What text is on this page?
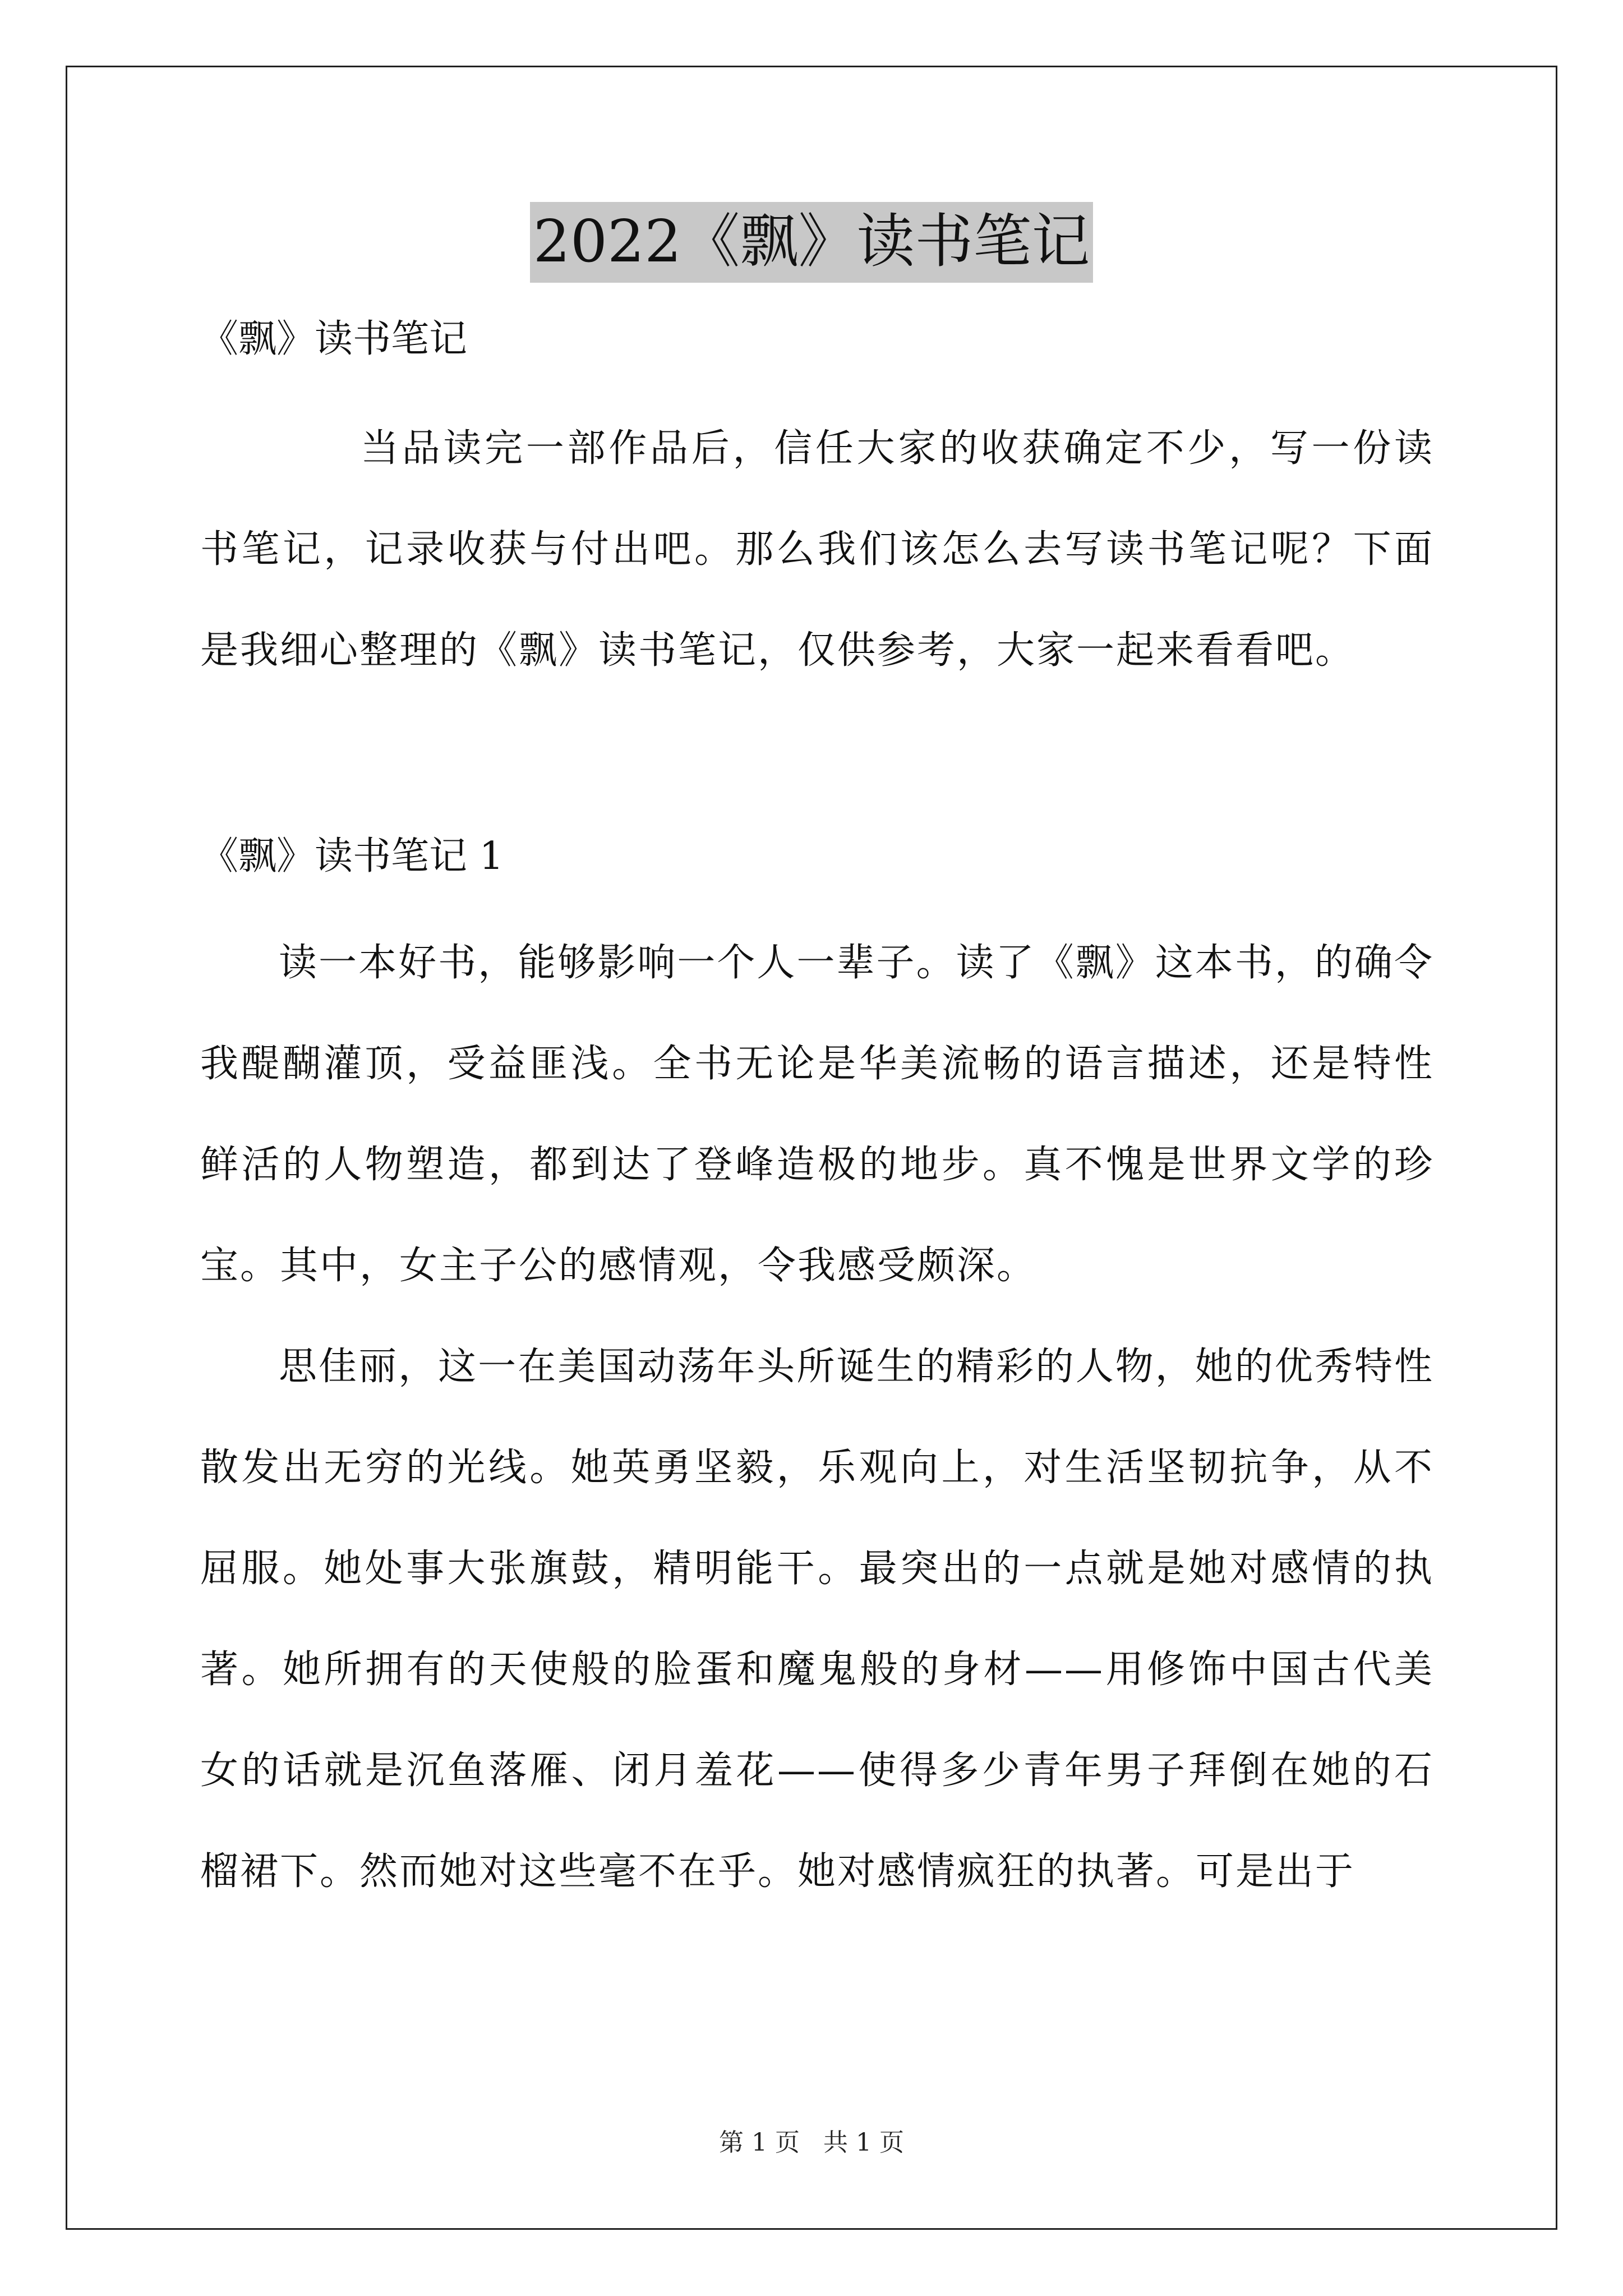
2022《飘》读书笔记

《飘》读书笔记

当品读完一部作品后，信任大家的收获确定不少，写一份读书笔记，记录收获与付出吧。那么我们该怎么去写读书笔记呢？下面是我细心整理的《飘》读书笔记，仅供参考，大家一起来看看吧。

《飘》读书笔记 1

读一本好书，能够影响一个人一辈子。读了《飘》这本书，的确令我醍醐灌顶，受益匪浅。全书无论是华美流畅的语言描述，还是特性鲜活的人物塑造，都到达了登峰造极的地步。真不愧是世界文学的珍宝。其中，女主子公的感情观，令我感受颇深。

思佳丽，这一在美国动荡年头所诞生的精彩的人物，她的优秀特性散发出无穷的光线。她英勇坚毅，乐观向上，对生活坚韧抗争，从不屈服。她处事大张旗鼓，精明能干。最突出的一点就是她对感情的执著。她所拥有的天使般的脸蛋和魔鬼般的身材——用修饰中国古代美女的话就是沉鱼落雁、闭月羞花——使得多少青年男子拜倒在她的石榴裙下。然而她对这些毫不在乎。她对感情疯狂的执著。可是出于

第 1 页   共 1 页
